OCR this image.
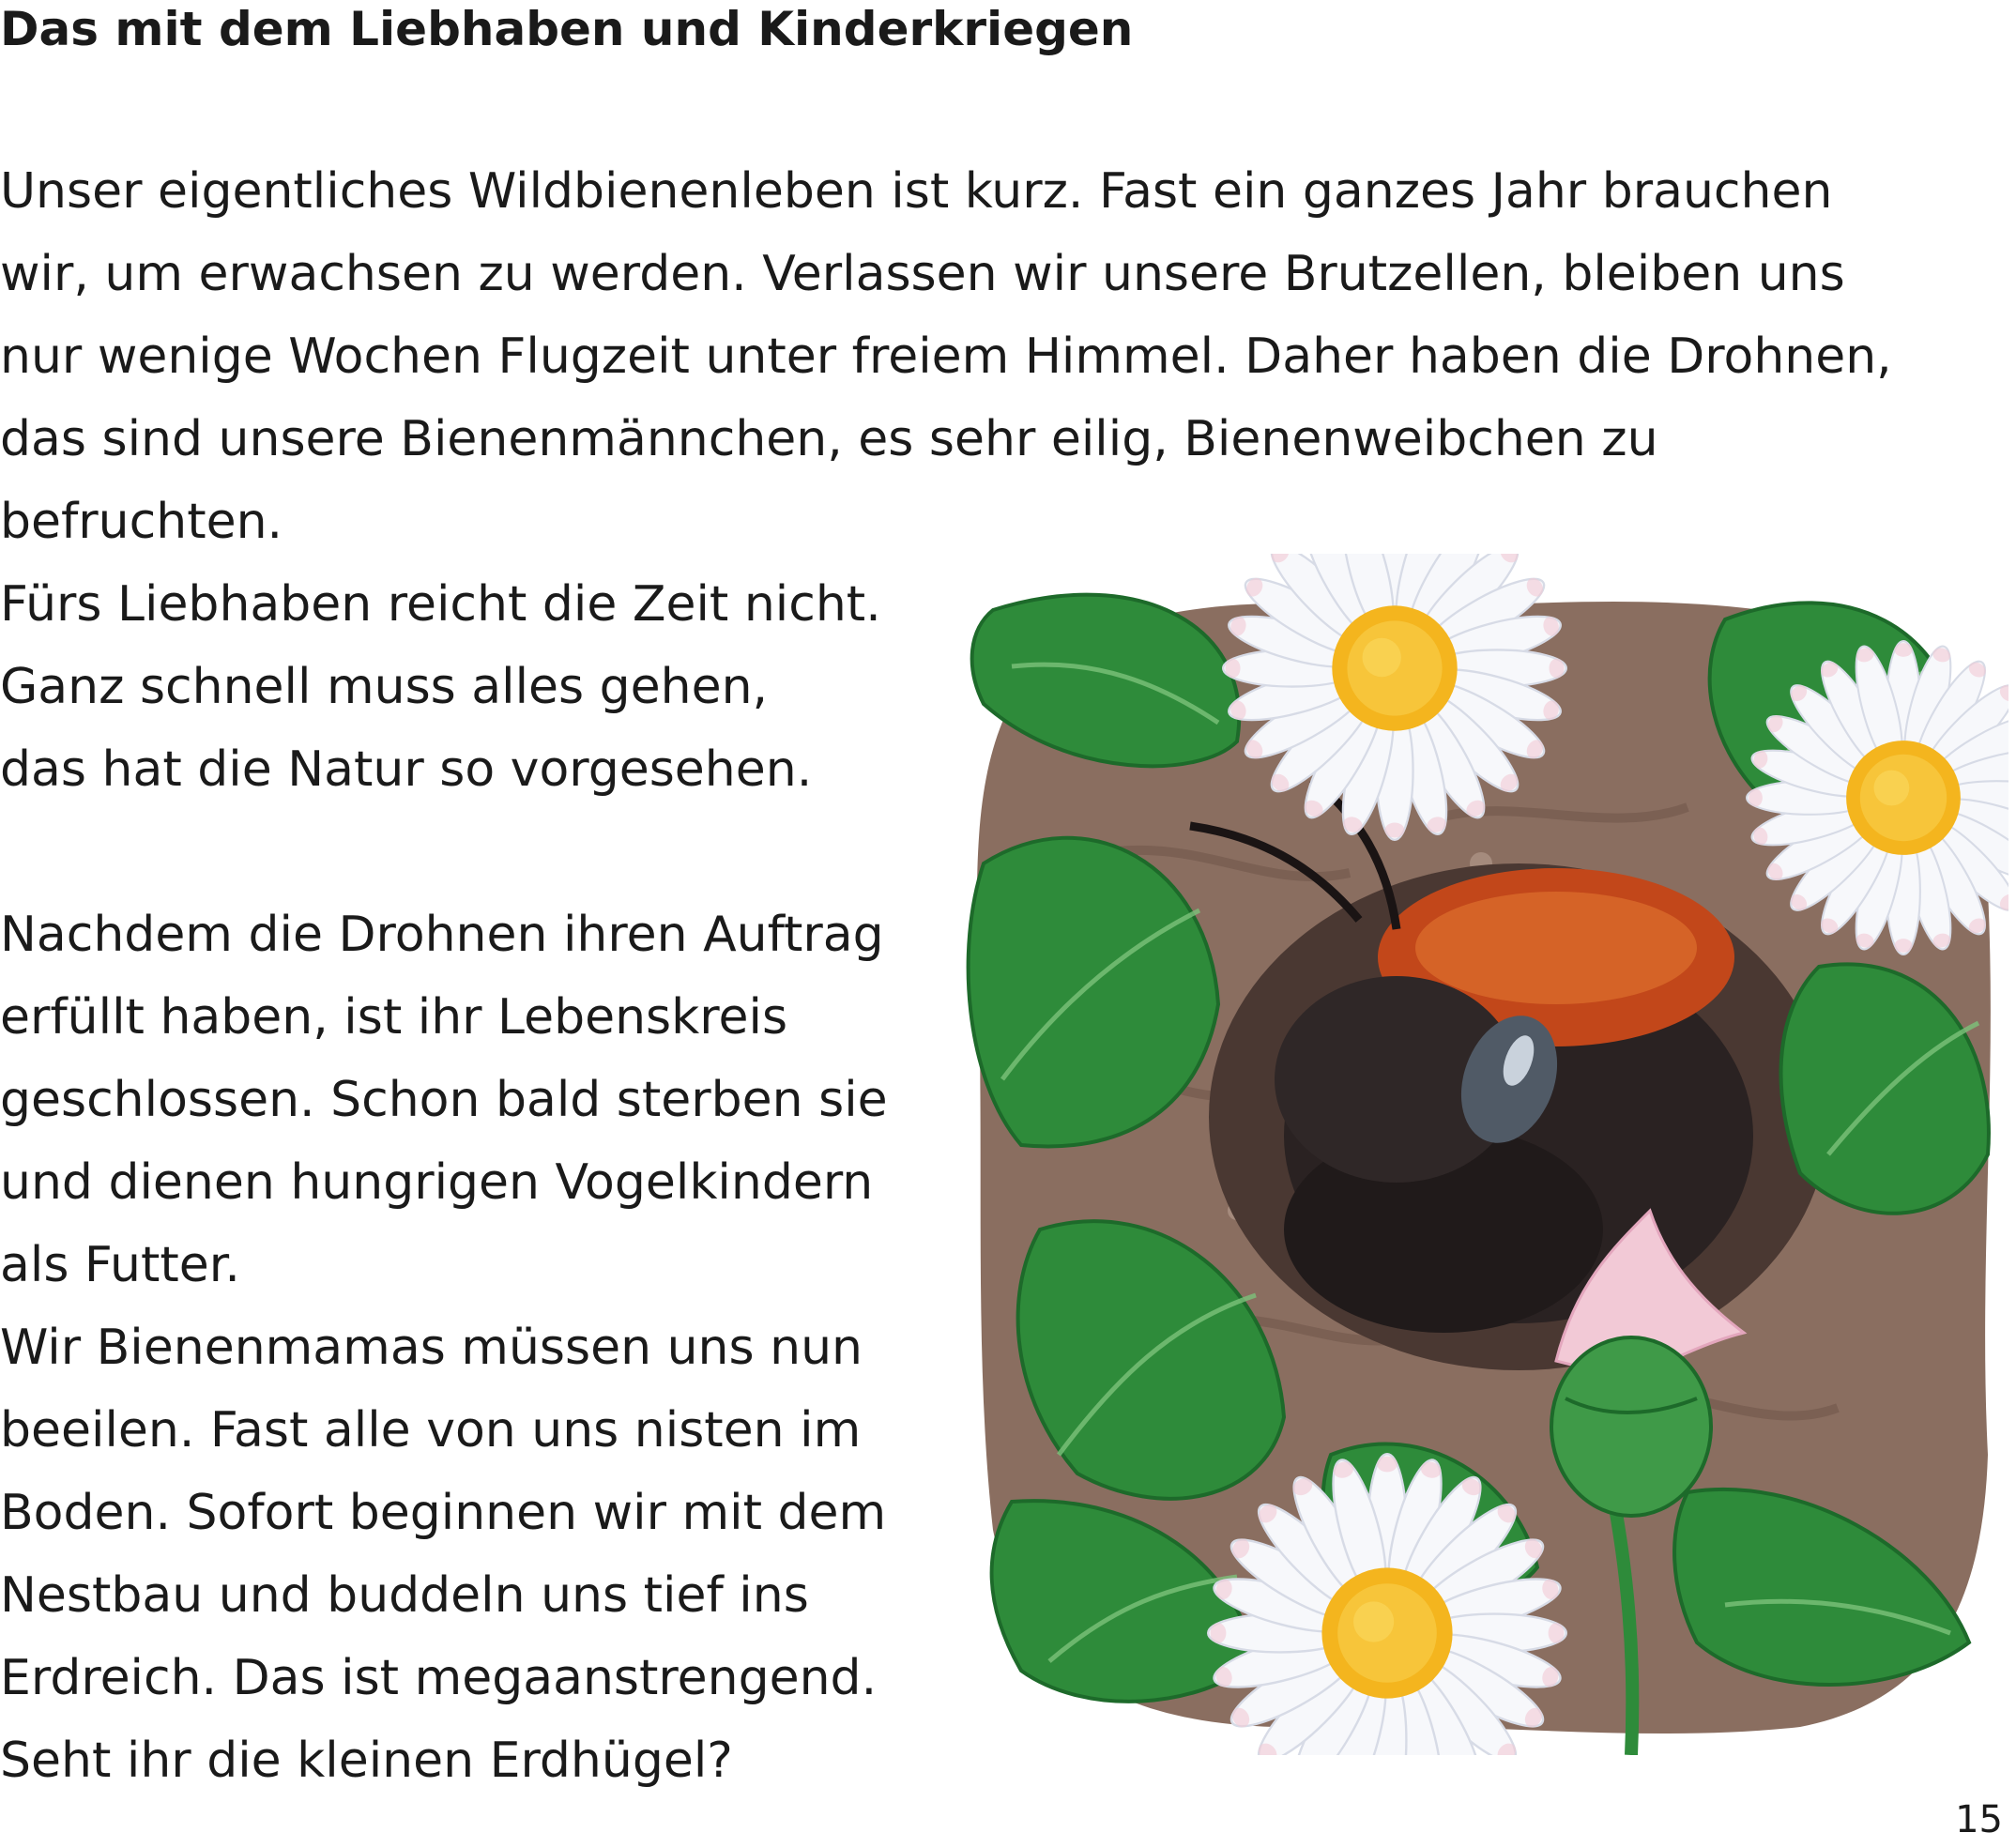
Das mit dem Liebhaben und Kinderkriegen
Unser eigentliches Wildbienenleben ist kurz. Fast ein ganzes Jahr brauchen
wir, um erwachsen zu werden. Verlassen wir unsere Brutzellen, bleiben uns
nur wenige Wochen Flugzeit unter freiem Himmel. Daher haben die Drohnen,
das sind unsere Bienenmännchen, es sehr eilig, Bienenweibchen zu
befruchten.
Fürs Liebhaben reicht die Zeit nicht.
Ganz schnell muss alles gehen,
das hat die Natur so vorgesehen.
Nachdem die Drohnen ihren Auftrag
erfüllt haben, ist ihr Lebenskreis
geschlossen. Schon bald sterben sie
und dienen hungrigen Vogelkindern
als Futter.
Wir Bienenmamas müssen uns nun
beeilen. Fast alle von uns nisten im
Boden. Sofort beginnen wir mit dem
Nestbau und buddeln uns tief ins
Erdreich. Das ist megaanstrengend.
Seht ihr die kleinen Erdhügel?
15
